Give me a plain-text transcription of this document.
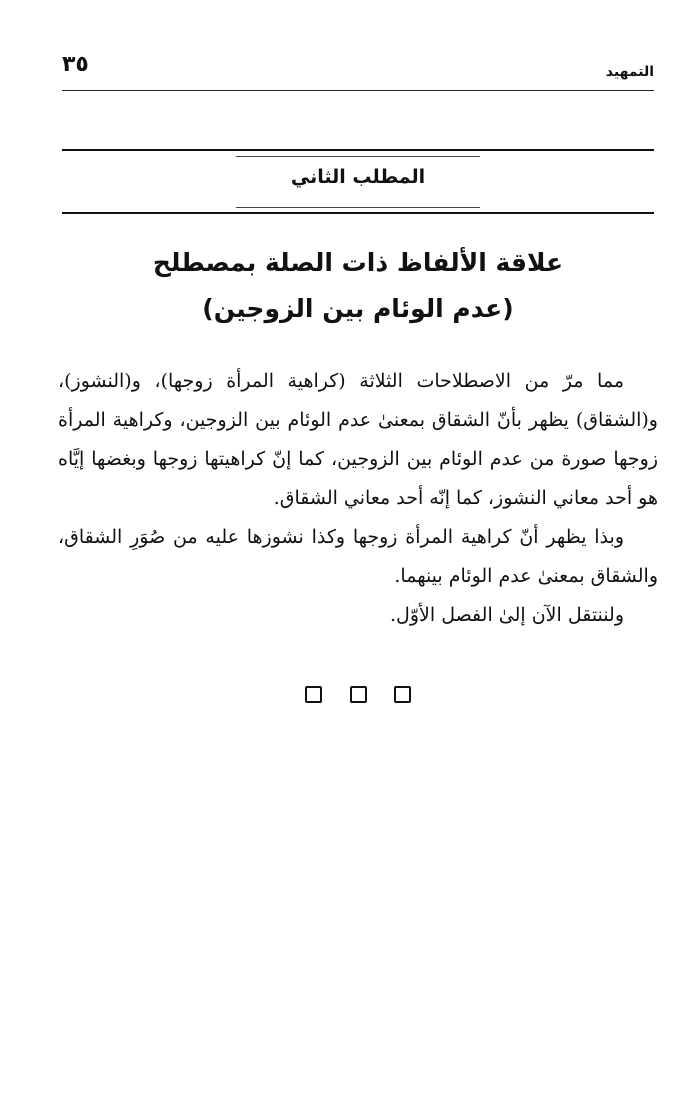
التمهيد
٣٥
المطلب الثاني
علاقة الألفاظ ذات الصلة بمصطلح
(عدم الوئام بين الزوجين)

مما مرّ من الاصطلاحات الثلاثة (كراهية المرأة زوجها)، و(النشوز)، و(الشقاق) يظهر بأنّ الشقاق بمعنىٰ عدم الوئام بين الزوجين، وكراهية المرأة زوجها صورة من عدم الوئام بين الزوجين، كما إنّ كراهيتها زوجها وبغضها إيَّاه هو أحد معاني النشوز، كما إنّه أحد معاني الشقاق.

وبذا يظهر أنّ كراهية المرأة زوجها وكذا نشوزها عليه من صُوَرِ الشقاق، والشقاق بمعنىٰ عدم الوئام بينهما.

ولننتقل الآن إلىٰ الفصل الأوّل.
